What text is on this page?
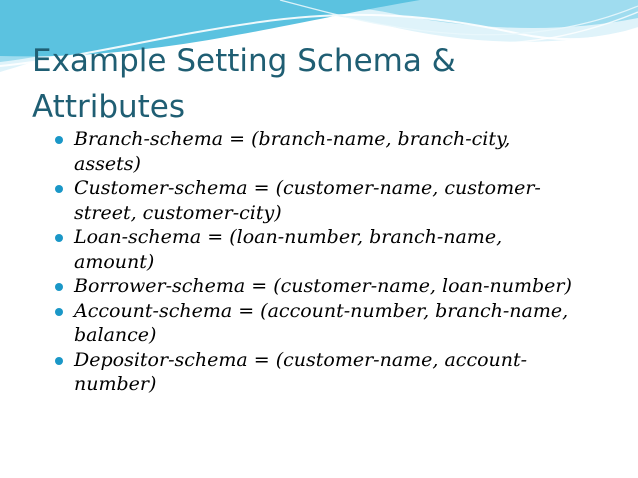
Example Setting Schema &
Attributes
Branch-schema = (branch-name, branch-city,
assets)
Customer-schema = (customer-name, customer-
street, customer-city)
Loan-schema = (loan-number, branch-name,
amount)
Borrower-schema = (customer-name, loan-number)
Account-schema = (account-number, branch-name,
balance)
Depositor-schema = (customer-name, account-
number)
